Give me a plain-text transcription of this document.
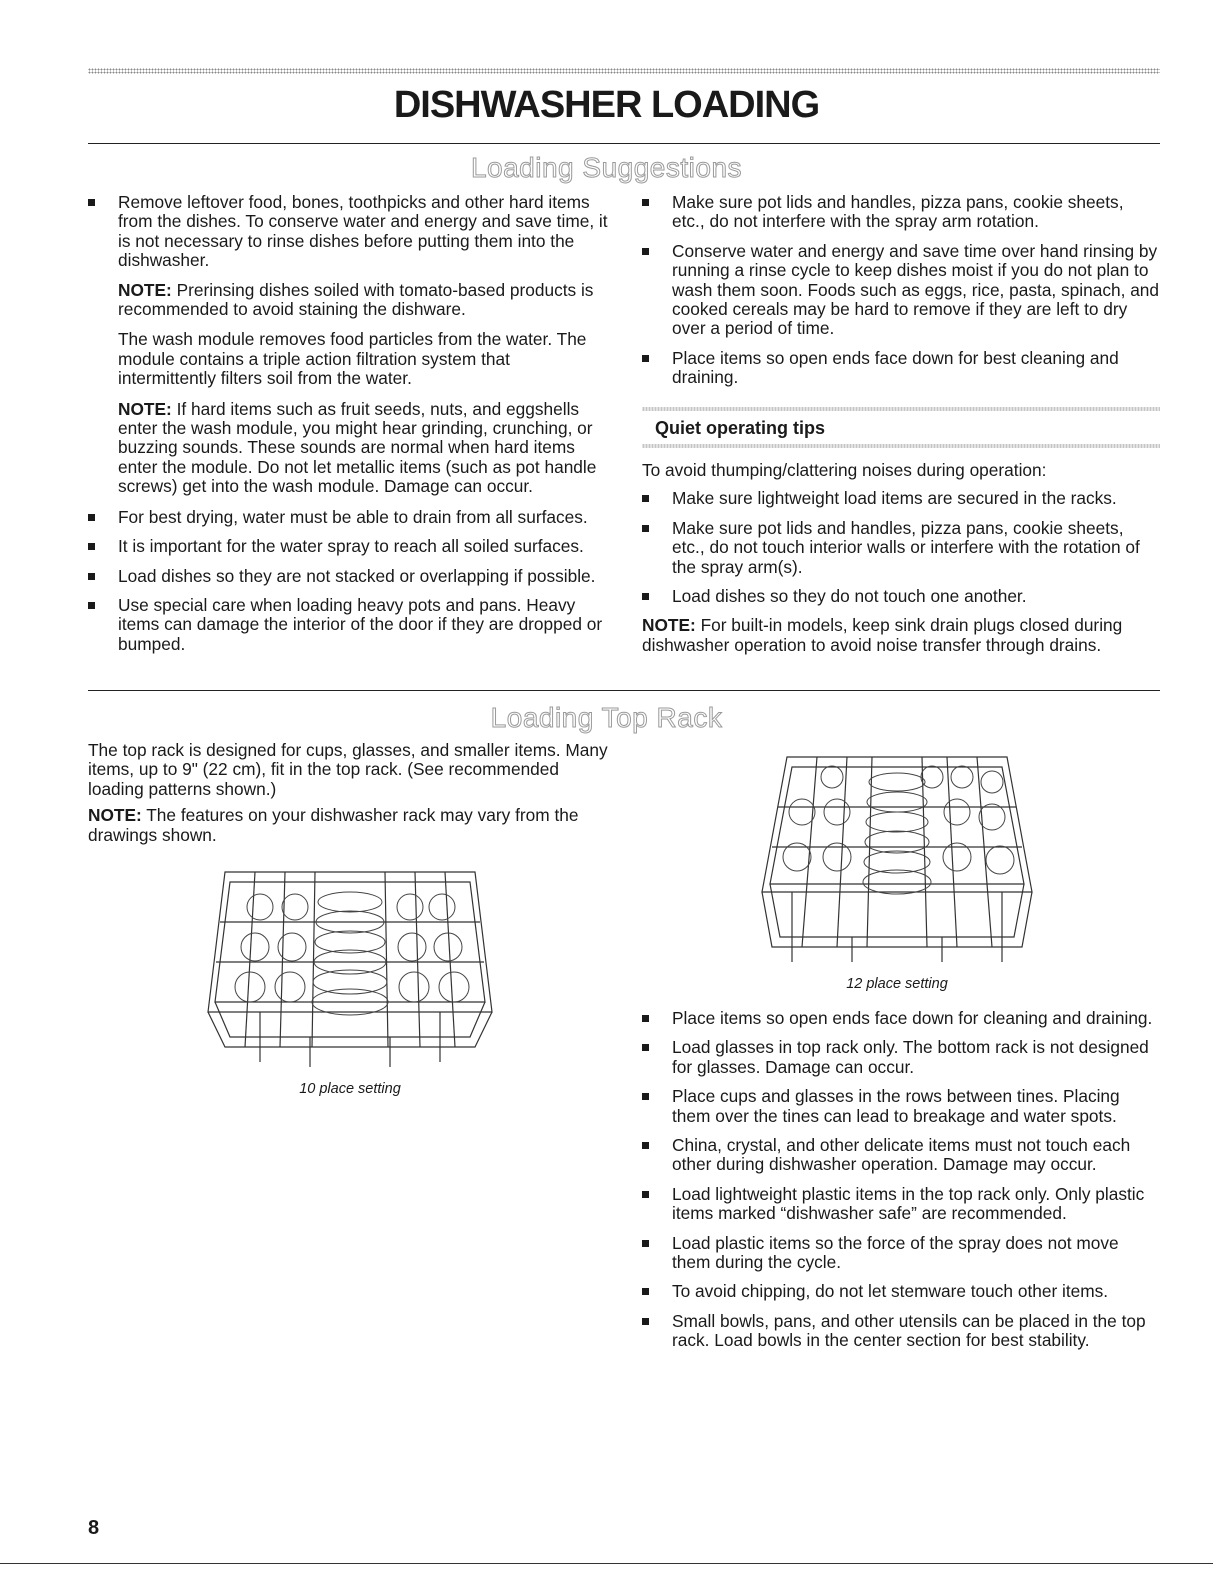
DISHWASHER LOADING
Loading Suggestions
Remove leftover food, bones, toothpicks and other hard items from the dishes. To conserve water and energy and save time, it is not necessary to rinse dishes before putting them into the dishwasher.

NOTE: Prerinsing dishes soiled with tomato-based products is recommended to avoid staining the dishware.

The wash module removes food particles from the water. The module contains a triple action filtration system that intermittently filters soil from the water.

NOTE: If hard items such as fruit seeds, nuts, and eggshells enter the wash module, you might hear grinding, crunching, or buzzing sounds. These sounds are normal when hard items enter the module. Do not let metallic items (such as pot handle screws) get into the wash module. Damage can occur.

For best drying, water must be able to drain from all surfaces.
It is important for the water spray to reach all soiled surfaces.
Load dishes so they are not stacked or overlapping if possible.
Use special care when loading heavy pots and pans. Heavy items can damage the interior of the door if they are dropped or bumped.
Make sure pot lids and handles, pizza pans, cookie sheets, etc., do not interfere with the spray arm rotation.
Conserve water and energy and save time over hand rinsing by running a rinse cycle to keep dishes moist if you do not plan to wash them soon. Foods such as eggs, rice, pasta, spinach, and cooked cereals may be hard to remove if they are left to dry over a period of time.
Place items so open ends face down for best cleaning and draining.
Quiet operating tips

To avoid thumping/clattering noises during operation:

Make sure lightweight load items are secured in the racks.
Make sure pot lids and handles, pizza pans, cookie sheets, etc., do not touch interior walls or interfere with the rotation of the spray arm(s).
Load dishes so they do not touch one another.

NOTE: For built-in models, keep sink drain plugs closed during dishwasher operation to avoid noise transfer through drains.

Loading Top Rack

The top rack is designed for cups, glasses, and smaller items. Many items, up to 9" (22 cm), fit in the top rack. (See recommended loading patterns shown.)

NOTE: The features on your dishwasher rack may vary from the drawings shown.

10 place setting
12 place setting
Place items so open ends face down for cleaning and draining.
Load glasses in top rack only. The bottom rack is not designed for glasses. Damage can occur.
Place cups and glasses in the rows between tines. Placing them over the tines can lead to breakage and water spots.
China, crystal, and other delicate items must not touch each other during dishwasher operation. Damage may occur.
Load lightweight plastic items in the top rack only. Only plastic items marked “dishwasher safe” are recommended.
Load plastic items so the force of the spray does not move them during the cycle.
To avoid chipping, do not let stemware touch other items.
Small bowls, pans, and other utensils can be placed in the top rack. Load bowls in the center section for best stability.
8
